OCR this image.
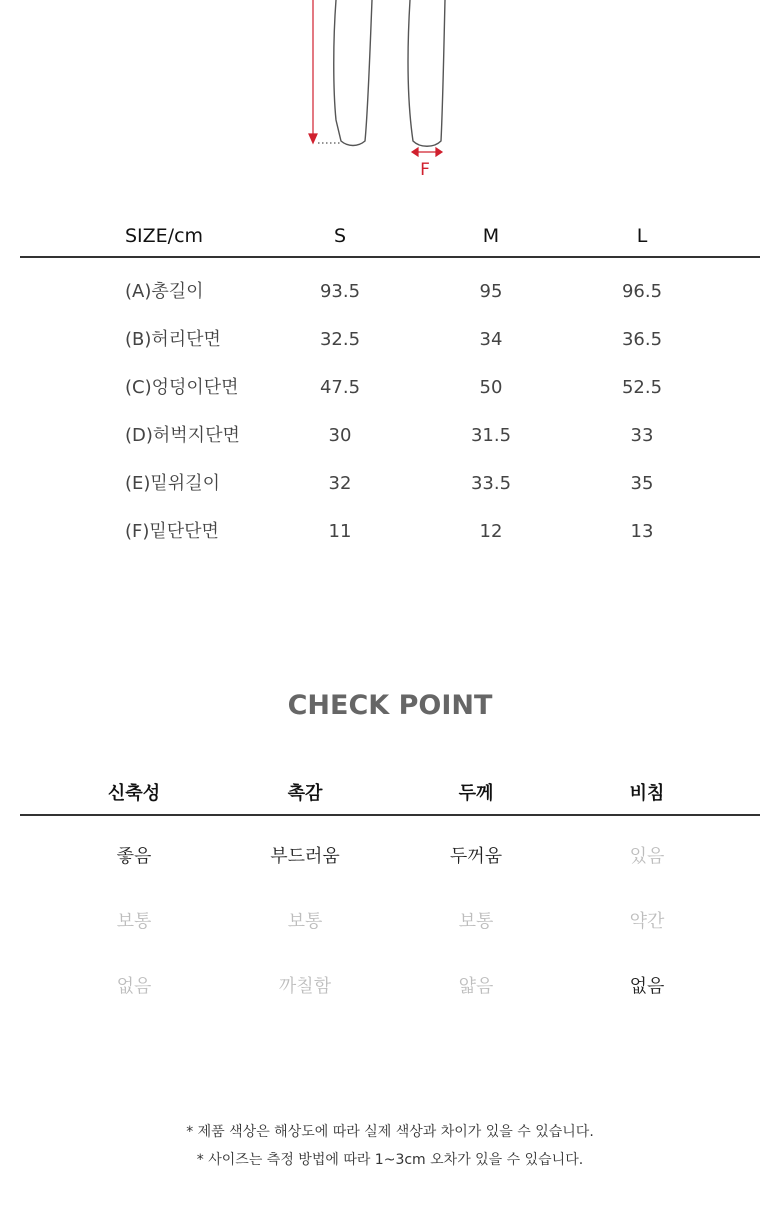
F
SIZE/cm	S	M	L
(A)총길이	93.5	95	96.5
(B)허리단면	32.5	34	36.5
(C)엉덩이단면	47.5	50	52.5
(D)허벅지단면	30	31.5	33
(E)밑위길이	32	33.5	35
(F)밑단단면	11	12	13
CHECK POINT
신축성	촉감	두께	비침
좋음	부드러움	두꺼움	있음
보통	보통	보통	약간
없음	까칠함	얇음	없음
* 제품 색상은 해상도에 따라 실제 색상과 차이가 있을 수 있습니다.
* 사이즈는 측정 방법에 따라 1~3cm 오차가 있을 수 있습니다.
